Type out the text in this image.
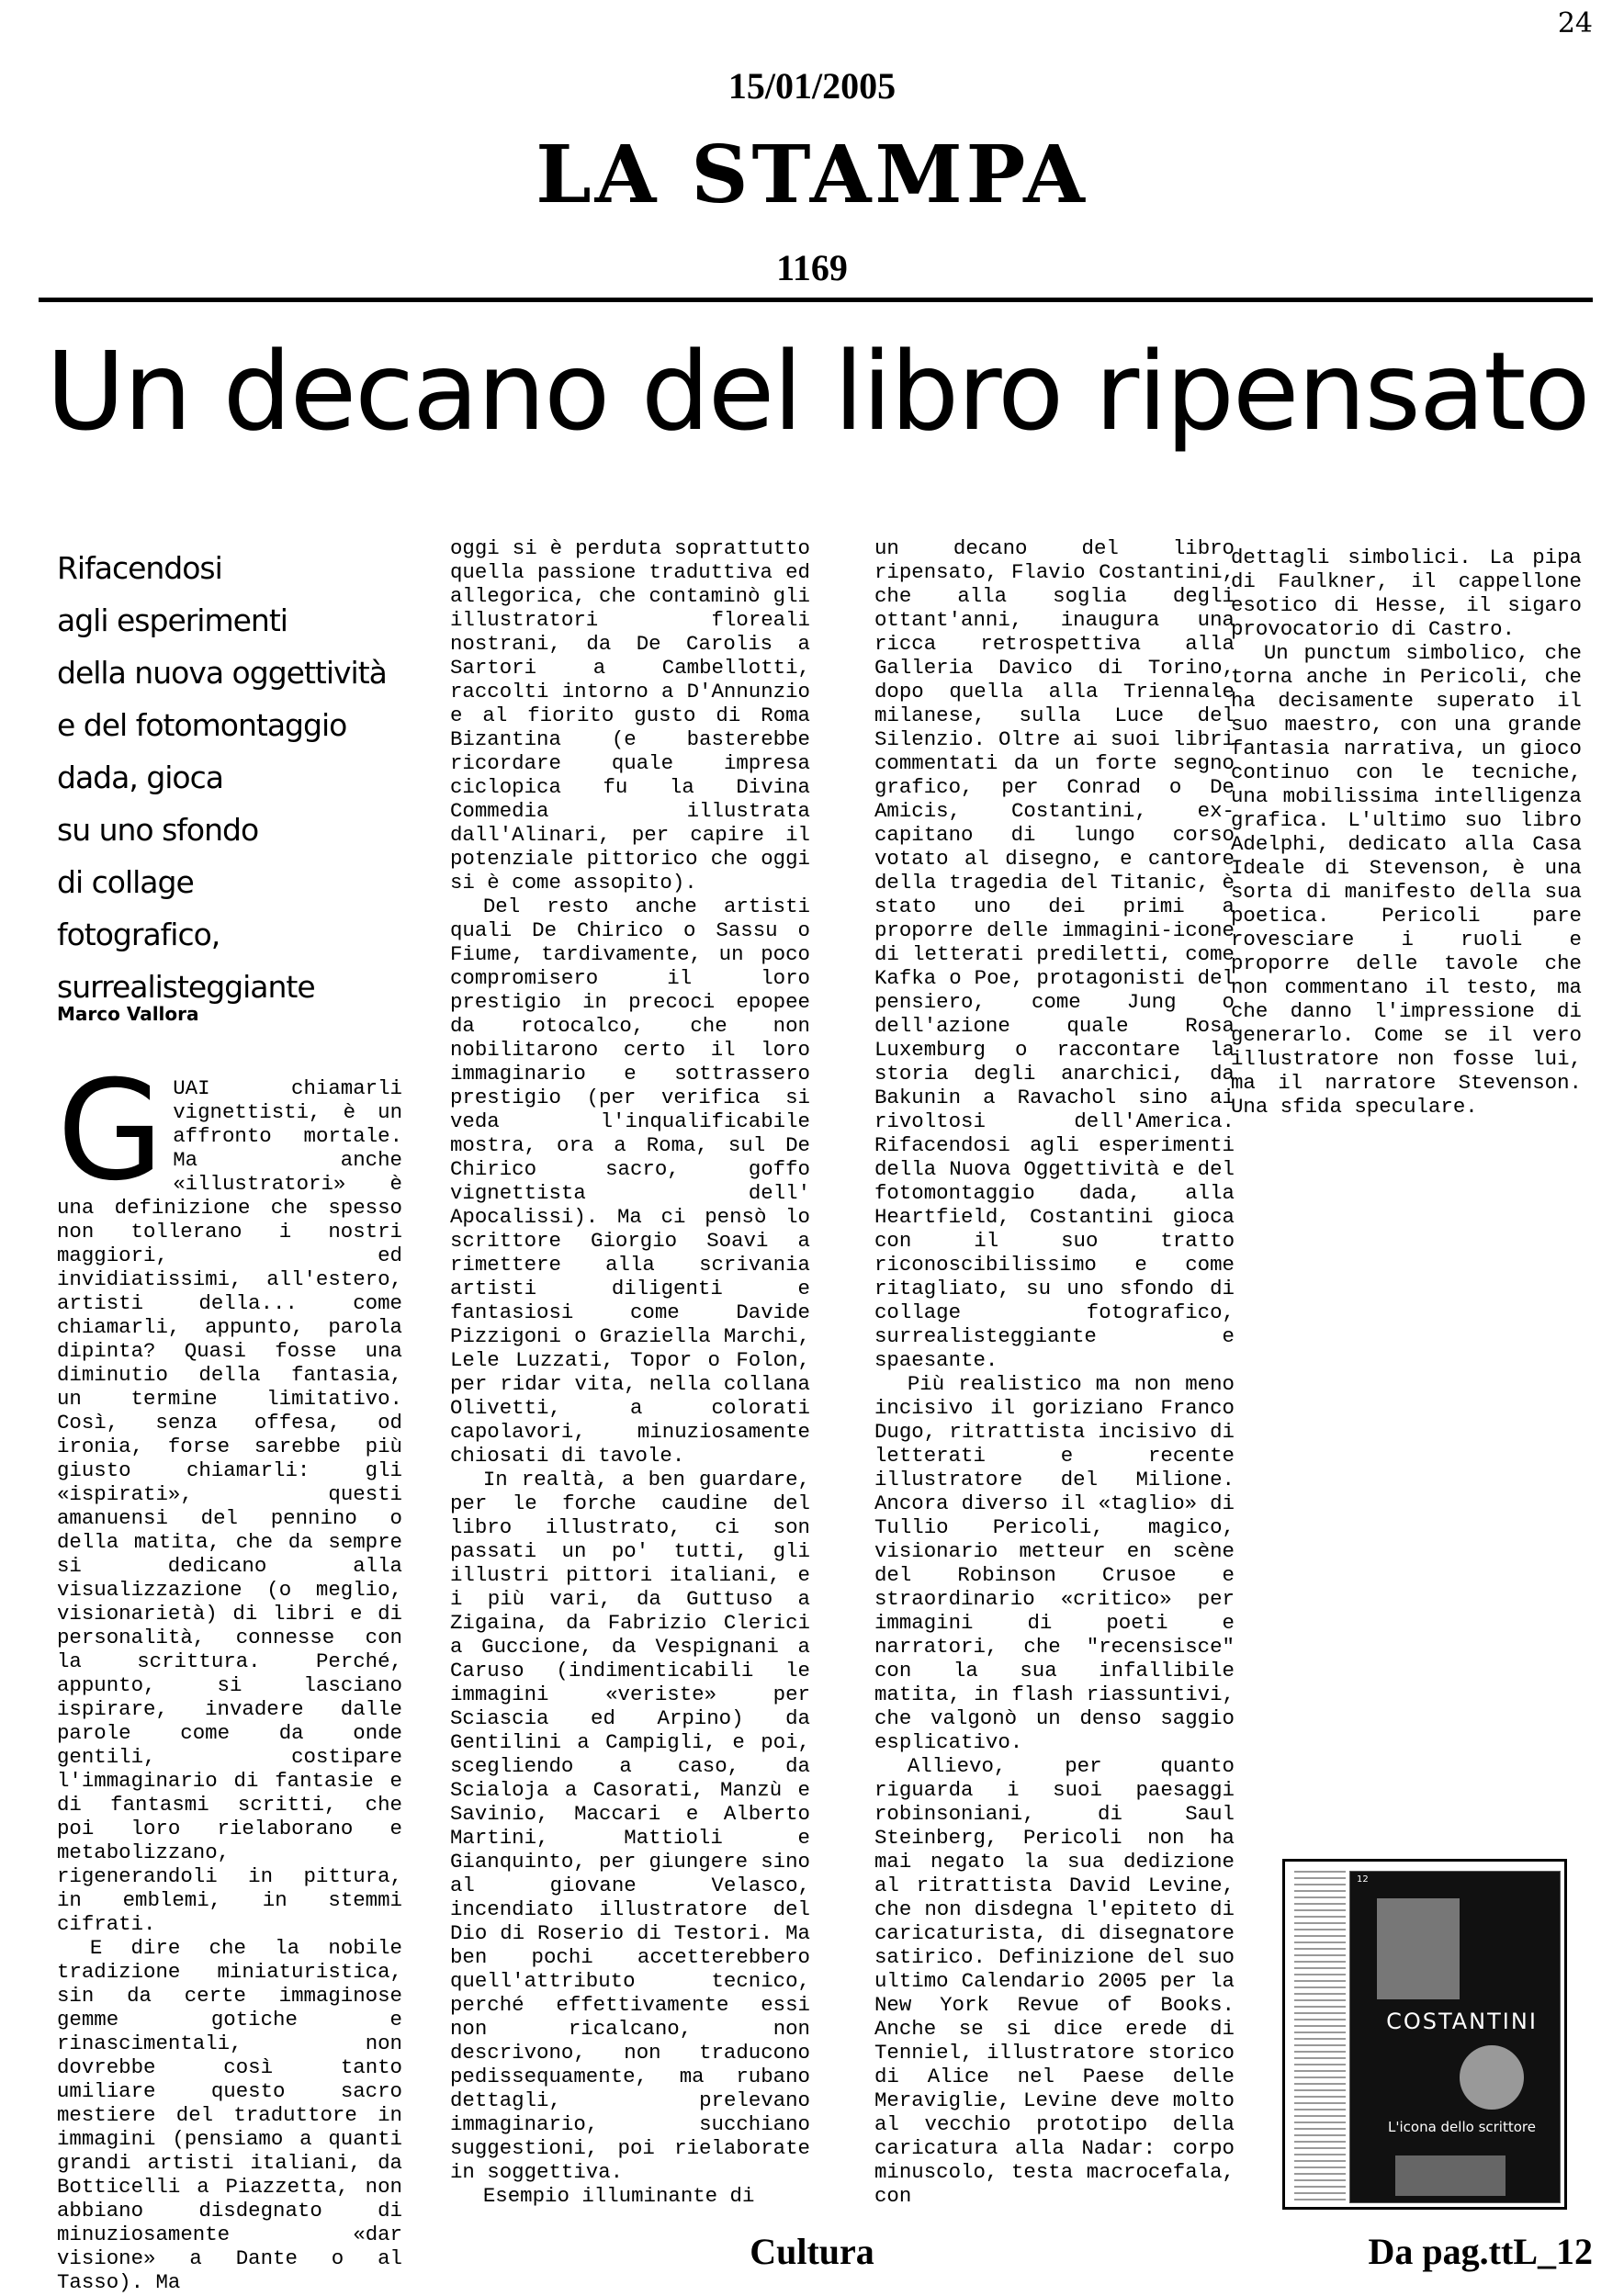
24
15/01/2005
LA STAMPA
1169
Un decano del libro ripensato
Rifacendosi
agli esperimenti
della nuova oggettività
e del fotomontaggio
dada, gioca
su uno sfondo
di collage
fotografico,
surrealisteggiante
Marco Vallora

GUAI chiamarli vignettisti, è un affronto mortale. Ma anche «illustratori» è una definizione che spesso non tollerano i nostri maggiori, ed invidiatissimi, all'estero, artisti della... come chiamarli, appunto, parola dipinta? Quasi fosse una diminutio della fantasia, un termine limitativo. Così, senza offesa, od ironia, forse sarebbe più giusto chiamarli: gli «ispirati», questi amanuensi del pennino o della matita, che da sempre si dedicano alla visualizzazione (o meglio, visionarietà) di libri e di personalità, connesse con la scrittura. Perché, appunto, si lasciano ispirare, invadere dalle parole come da onde gentili, costipare l'immaginario di fantasie e di fantasmi scritti, che poi loro rielaborano e metabolizzano, rigenerandoli in pittura, in emblemi, in stemmi cifrati.

E dire che la nobile tradizione miniaturistica, sin da certe immaginose gemme gotiche e rinascimentali, non dovrebbe così tanto umiliare questo sacro mestiere del traduttore in immagini (pensiamo a quanti grandi artisti italiani, da Botticelli a Piazzetta, non abbiano disdegnato di minuziosamente «dar visione» a Dante o al Tasso). Ma

oggi si è perduta soprattutto quella passione traduttiva ed allegorica, che contaminò gli illustratori floreali nostrani, da De Carolis a Sartori a Cambellotti, raccolti intorno a D'Annunzio e al fiorito gusto di Roma Bizantina (e basterebbe ricordare quale impresa ciclopica fu la Divina Commedia illustrata dall'Alinari, per capire il potenziale pittorico che oggi si è come assopito).

Del resto anche artisti quali De Chirico o Sassu o Fiume, tardivamente, un poco compromisero il loro prestigio in precoci epopee da rotocalco, che non nobilitarono certo il loro immaginario e sottrassero prestigio (per verifica si veda l'inqualificabile mostra, ora a Roma, sul De Chirico sacro, goffo vignettista dell' Apocalissi). Ma ci pensò lo scrittore Giorgio Soavi a rimettere alla scrivania artisti diligenti e fantasiosi come Davide Pizzigoni o Graziella Marchi, Lele Luzzati, Topor o Folon, per ridar vita, nella collana Olivetti, a colorati capolavori, minuziosamente chiosati di tavole.

In realtà, a ben guardare, per le forche caudine del libro illustrato, ci son passati un po' tutti, gli illustri pittori italiani, e i più vari, da Guttuso a Zigaina, da Fabrizio Clerici a Guccione, da Vespignani a Caruso (indimenticabili le immagini «veriste» per Sciascia ed Arpino) da Gentilini a Campigli, e poi, scegliendo a caso, da Scialoja a Casorati, Manzù e Savinio, Maccari e Alberto Martini, Mattioli e Gianquinto, per giungere sino al giovane Velasco, incendiato illustratore del Dio di Roserio di Testori. Ma ben pochi accetterebbero quell'attributo tecnico, perché effettivamente essi non ricalcano, non descrivono, non traducono pedissequamente, ma rubano dettagli, prelevano immaginario, succhiano suggestioni, poi rielaborate in soggettiva.

Esempio illuminante di

un decano del libro ripensato, Flavio Costantini, che alla soglia degli ottant'anni, inaugura una ricca retrospettiva alla Galleria Davico di Torino, dopo quella alla Triennale milanese, sulla Luce del Silenzio. Oltre ai suoi libri commentati da un forte segno grafico, per Conrad o De Amicis, Costantini, ex-capitano di lungo corso votato al disegno, e cantore della tragedia del Titanic, è stato uno dei primi a proporre delle immagini-icone di letterati prediletti, come Kafka o Poe, protagonisti del pensiero, come Jung o dell'azione quale Rosa Luxemburg o raccontare la storia degli anarchici, da Bakunin a Ravachol sino ai rivoltosi dell'America. Rifacendosi agli esperimenti della Nuova Oggettività e del fotomontaggio dada, alla Heartfield, Costantini gioca con il suo tratto riconoscibilissimo e come ritagliato, su uno sfondo di collage fotografico, surrealisteggiante e spaesante.

Più realistico ma non meno incisivo il goriziano Franco Dugo, ritrattista incisivo di letterati e recente illustratore del Milione. Ancora diverso il «taglio» di Tullio Pericoli, magico, visionario metteur en scène del Robinson Crusoe e straordinario «critico» per immagini di poeti e narratori, che "recensisce" con la sua infallibile matita, in flash riassuntivi, che valgonò un denso saggio esplicativo.

Allievo, per quanto riguarda i suoi paesaggi robinsoniani, di Saul Steinberg, Pericoli non ha mai negato la sua dedizione al ritrattista David Levine, che non disdegna l'epiteto di caricaturista, di disegnatore satirico. Definizione del suo ultimo Calendario 2005 per la New York Revue of Books. Anche se si dice erede di Tenniel, illustratore storico di Alice nel Paese delle Meraviglie, Levine deve molto al vecchio prototipo della caricatura alla Nadar: corpo minuscolo, testa macrocefala, con

dettagli simbolici. La pipa di Faulkner, il cappellone esotico di Hesse, il sigaro provocatorio di Castro.

Un punctum simbolico, che torna anche in Pericoli, che ha decisamente superato il suo maestro, con una grande fantasia narrativa, un gioco continuo con le tecniche, una mobilissima intelligenza grafica. L'ultimo suo libro Adelphi, dedicato alla Casa Ideale di Stevenson, è una sorta di manifesto della sua poetica. Pericoli pare rovesciare i ruoli e proporre delle tavole che non commentano il testo, ma che danno l'impressione di generarlo. Come se il vero illustratore non fosse lui, ma il narratore Stevenson. Una sfida speculare.

12
COSTANTINI
L'icona dello scrittore
Cultura	Da pag.ttL_12
